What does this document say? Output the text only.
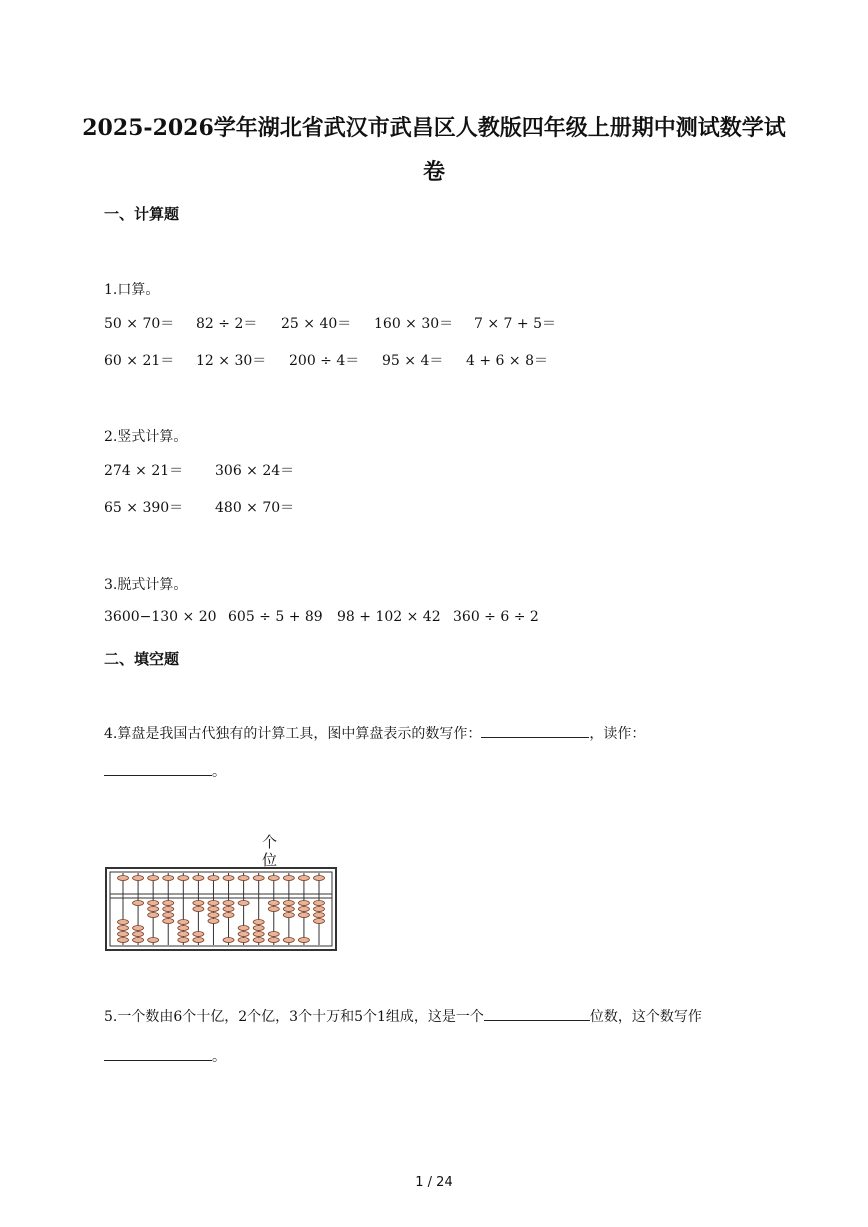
2025-2026学年湖北省武汉市武昌区人教版四年级上册期中测试数学试
卷
一、计算题
1.口算。
50 × 70＝ 82 ÷ 2＝ 25 × 40＝ 160 × 30＝ 7 × 7 + 5＝
60 × 21＝ 12 × 30＝ 200 ÷ 4＝ 95 × 4＝ 4 + 6 × 8＝
2.竖式计算。
274 × 21＝ 306 × 24＝
65 × 390＝ 480 × 70＝
3.脱式计算。
3600−130 × 20 605 ÷ 5 + 89 98 + 102 × 42 360 ÷ 6 ÷ 2
二、填空题
4.算盘是我国古代独有的计算工具，图中算盘表示的数写作：	，读作：
。
个
位
5.一个数由6个十亿，2个亿，3个十万和5个1组成，这是一个	位数，这个数写作
。
1 / 24
